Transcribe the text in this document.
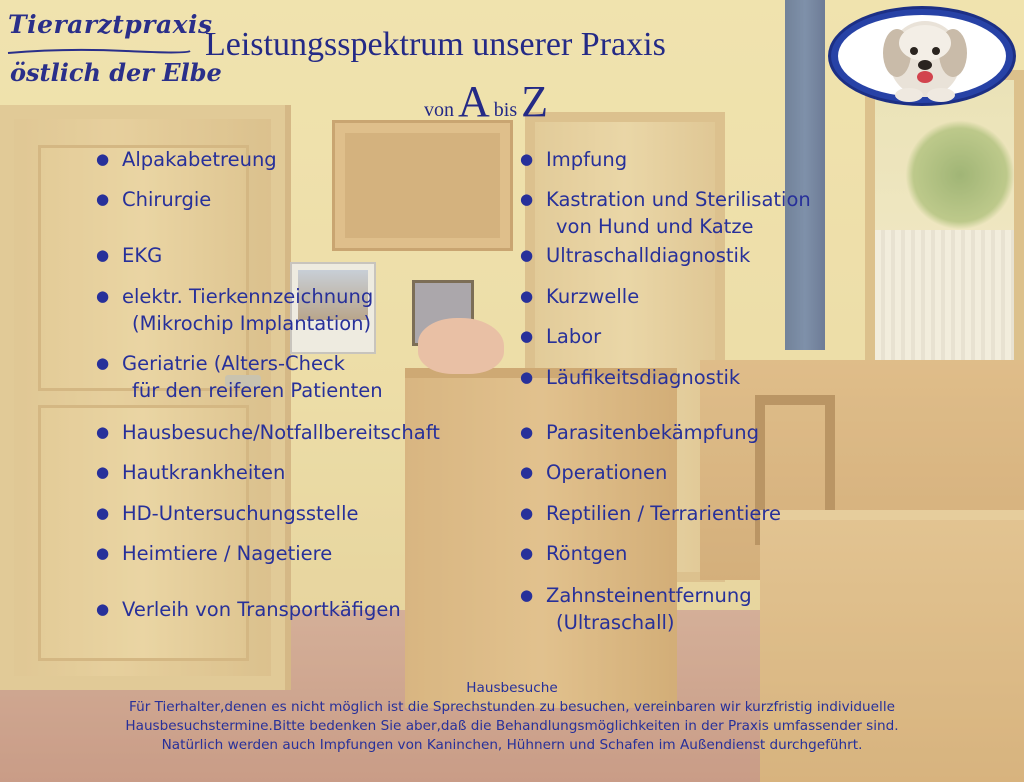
Tierarztpraxis
östlich der Elbe
Leistungsspektrum unserer Praxis
von A bis Z
● Alpakabetreung
● Chirurgie
● EKG
● elektr. Tierkennzeichnung
(Mikrochip Implantation)
● Geriatrie (Alters-Check
für den reiferen Patienten
● Hausbesuche/Notfallbereitschaft
● Hautkrankheiten
● HD-Untersuchungsstelle
● Heimtiere / Nagetiere
● Verleih von Transportkäfigen
● Impfung
● Kastration und Sterilisation
von Hund und Katze
● Ultraschalldiagnostik
● Kurzwelle
● Labor
● Läufikeitsdiagnostik
● Parasitenbekämpfung
● Operationen
● Reptilien / Terrarientiere
● Röntgen
● Zahnsteinentfernung
(Ultraschall)
Hausbesuche
Für Tierhalter,denen es nicht möglich ist die Sprechstunden zu besuchen, vereinbaren wir kurzfristig individuelle
Hausbesuchstermine.Bitte bedenken Sie aber,daß die Behandlungsmöglichkeiten in der Praxis umfassender sind.
Natürlich werden auch Impfungen von Kaninchen, Hühnern und Schafen im Außendienst durchgeführt.
